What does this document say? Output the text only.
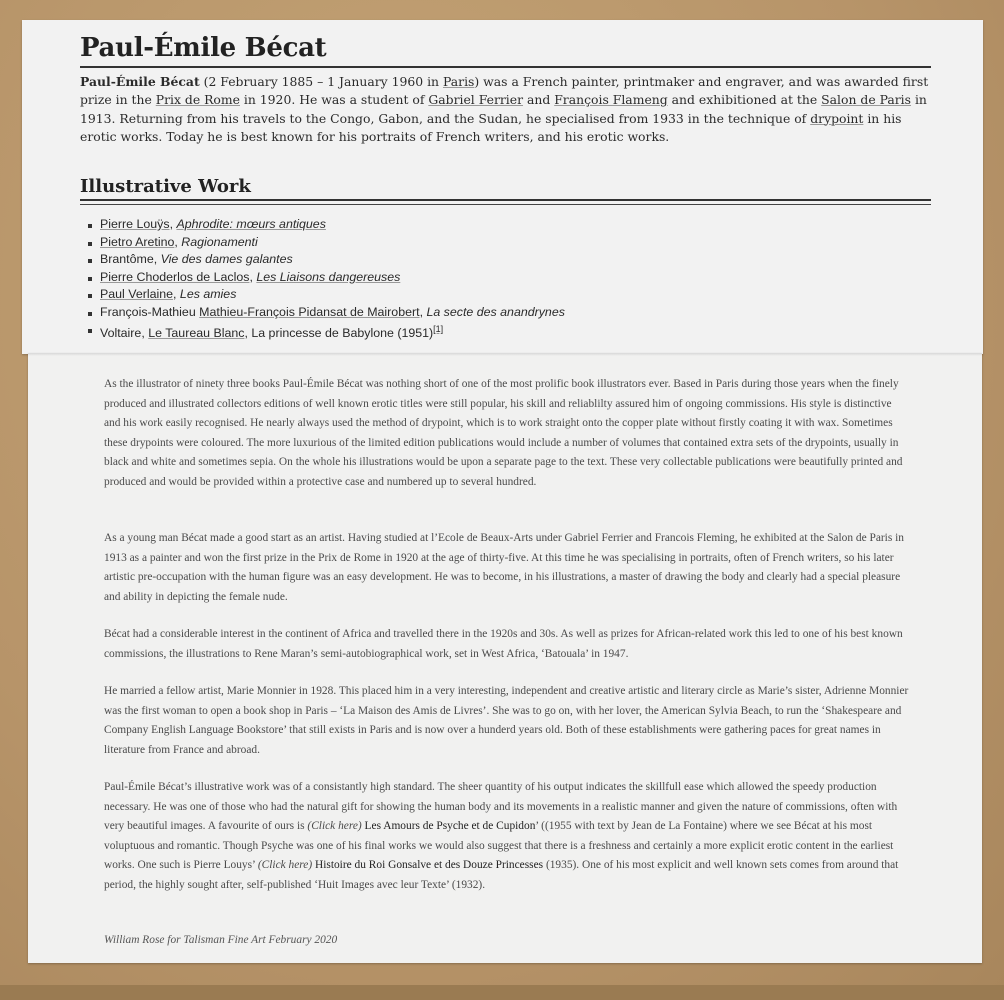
Paul-Émile Bécat

Paul-Émile Bécat (2 February 1885 – 1 January 1960 in Paris) was a French painter, printmaker and engraver, and was awarded first prize in the Prix de Rome in 1920. He was a student of Gabriel Ferrier and François Flameng and exhibitioned at the Salon de Paris in 1913. Returning from his travels to the Congo, Gabon, and the Sudan, he specialised from 1933 in the technique of drypoint in his erotic works. Today he is best known for his portraits of French writers, and his erotic works.

Illustrative Work
Pierre Louÿs, Aphrodite: mœurs antiques
Pietro Aretino, Ragionamenti
Brantôme, Vie des dames galantes
Pierre Choderlos de Laclos, Les Liaisons dangereuses
Paul Verlaine, Les amies
François-Mathieu Mathieu-François Pidansat de Mairobert, La secte des anandrynes
Voltaire, Le Taureau Blanc, La princesse de Babylone (1951)[1]

As the illustrator of ninety three books Paul-Émile Bécat was nothing short of one of the most prolific book illustrators ever. Based in Paris during those years when the finely produced and illustrated collectors editions of well known erotic titles were still popular, his skill and reliablilty assured him of ongoing commissions. His style is distinctive and his work easily recognised. He nearly always used the method of drypoint, which is to work straight onto the copper plate without firstly coating it with wax. Sometimes these drypoints were coloured. The more luxurious of the limited edition publications would include a number of volumes that contained extra sets of the drypoints, usually in black and white and sometimes sepia. On the whole his illustrations would be upon a separate page to the text. These very collectable publications were beautifully printed and produced and would be provided within a protective case and numbered up to several hundred.

As a young man Bécat made a good start as an artist. Having studied at l’Ecole de Beaux-Arts under Gabriel Ferrier and Francois Fleming, he exhibited at the Salon de Paris in 1913 as a painter and won the first prize in the Prix de Rome in 1920 at the age of thirty-five. At this time he was specialising in portraits, often of French writers, so his later artistic pre-occupation with the human figure was an easy development. He was to become, in his illustrations, a master of drawing the body and clearly had a special pleasure and ability in depicting the female nude.

Bécat had a considerable interest in the continent of Africa and travelled there in the 1920s and 30s. As well as prizes for African-related work this led to one of his best known commissions, the illustrations to Rene Maran’s semi-autobiographical work, set in West Africa, ‘Batouala’ in 1947.

He married a fellow artist, Marie Monnier in 1928. This placed him in a very interesting, independent and creative artistic and literary circle as Marie’s sister, Adrienne Monnier was the first woman to open a book shop in Paris – ‘La Maison des Amis de Livres’. She was to go on, with her lover, the American Sylvia Beach, to run the ‘Shakespeare and Company English Language Bookstore’ that still exists in Paris and is now over a hunderd years old. Both of these establishments were gathering paces for great names in literature from France and abroad.

Paul-Émile Bécat’s illustrative work was of a consistantly high standard. The sheer quantity of his output indicates the skillfull ease which allowed the speedy production necessary. He was one of those who had the natural gift for showing the human body and its movements in a realistic manner and given the nature of commissions, often with very beautiful images. A favourite of ours is (Click here) Les Amours de Psyche et de Cupidon’ ((1955 with text by Jean de La Fontaine) where we see Bécat at his most voluptuous and romantic. Though Psyche was one of his final works we would also suggest that there is a freshness and certainly a more explicit erotic content in the earliest works. One such is Pierre Louys’ (Click here) Histoire du Roi Gonsalve et des Douze Princesses (1935). One of his most explicit and well known sets comes from around that period, the highly sought after, self-published ‘Huit Images avec leur Texte’ (1932).

William Rose for Talisman Fine Art February 2020
